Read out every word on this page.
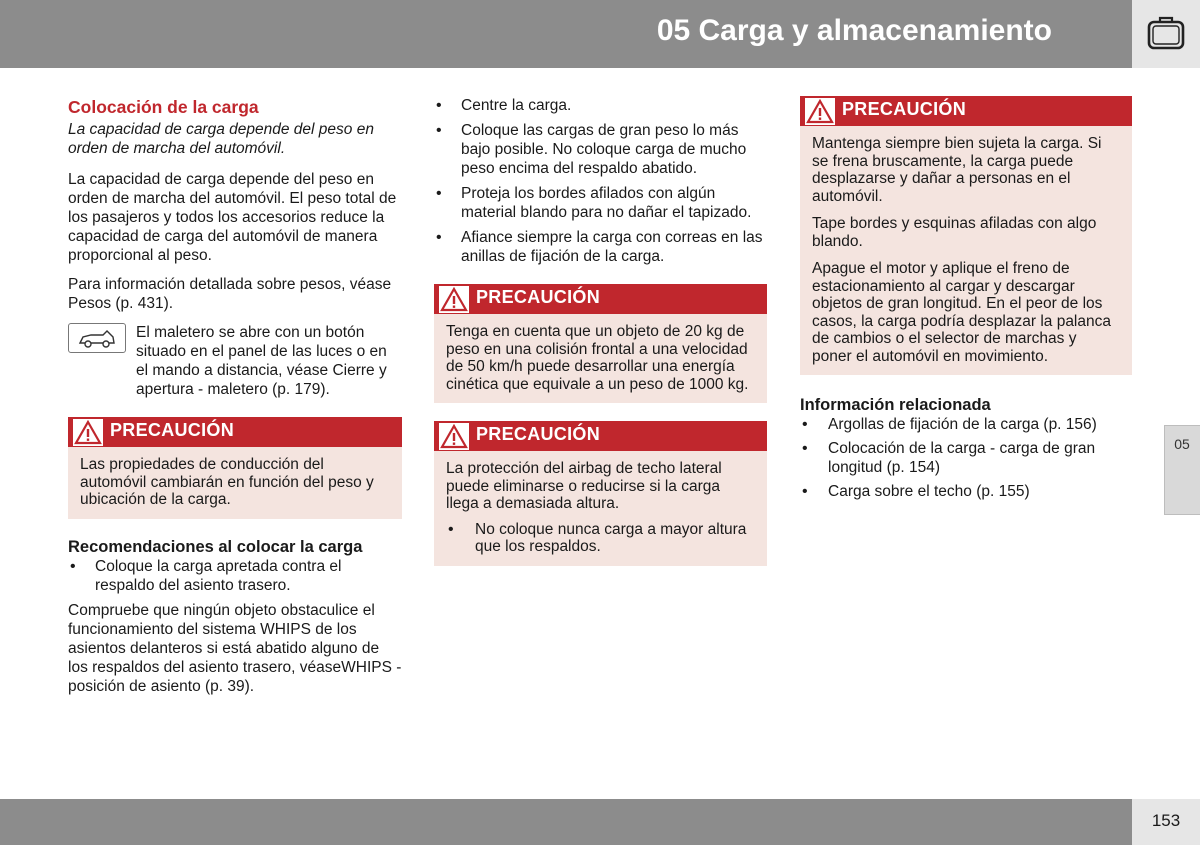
05 Carga y almacenamiento
Colocación de la carga
La capacidad de carga depende del peso en orden de marcha del automóvil.

La capacidad de carga depende del peso en orden de marcha del automóvil. El peso total de los pasajeros y todos los accesorios reduce la capacidad de carga del automóvil de manera proporcional al peso.

Para información detallada sobre pesos, véase Pesos (p. 431).

El maletero se abre con un botón situado en el panel de las luces o en el mando a distancia, véase Cierre y apertura - maletero (p. 179).
PRECAUCIÓN

Las propiedades de conducción del automóvil cambiarán en función del peso y ubicación de la carga.

Recomendaciones al colocar la carga
• Coloque la carga apretada contra el respaldo del asiento trasero.

Compruebe que ningún objeto obstaculice el funcionamiento del sistema WHIPS de los asientos delanteros si está abatido alguno de los respaldos del asiento trasero, véaseWHIPS - posición de asiento (p. 39).

• Centre la carga.
• Coloque las cargas de gran peso lo más bajo posible. No coloque carga de mucho peso encima del respaldo abatido.
• Proteja los bordes afilados con algún material blando para no dañar el tapizado.
• Afiance siempre la carga con correas en las anillas de fijación de la carga.
PRECAUCIÓN

Tenga en cuenta que un objeto de 20 kg de peso en una colisión frontal a una velocidad de 50 km/h puede desarrollar una energía cinética que equivale a un peso de 1000 kg.

PRECAUCIÓN

La protección del airbag de techo lateral puede eliminarse o reducirse si la carga llega a demasiada altura.

• No coloque nunca carga a mayor altura que los respaldos.
PRECAUCIÓN

Mantenga siempre bien sujeta la carga. Si se frena bruscamente, la carga puede desplazarse y dañar a personas en el automóvil.

Tape bordes y esquinas afiladas con algo blando.

Apague el motor y aplique el freno de estacionamiento al cargar y descargar objetos de gran longitud. En el peor de los casos, la carga podría desplazar la palanca de cambios o el selector de marchas y poner el automóvil en movimiento.

Información relacionada
• Argollas de fijación de la carga (p. 156)
• Colocación de la carga - carga de gran longitud (p. 154)
• Carga sobre el techo (p. 155)
05
153
